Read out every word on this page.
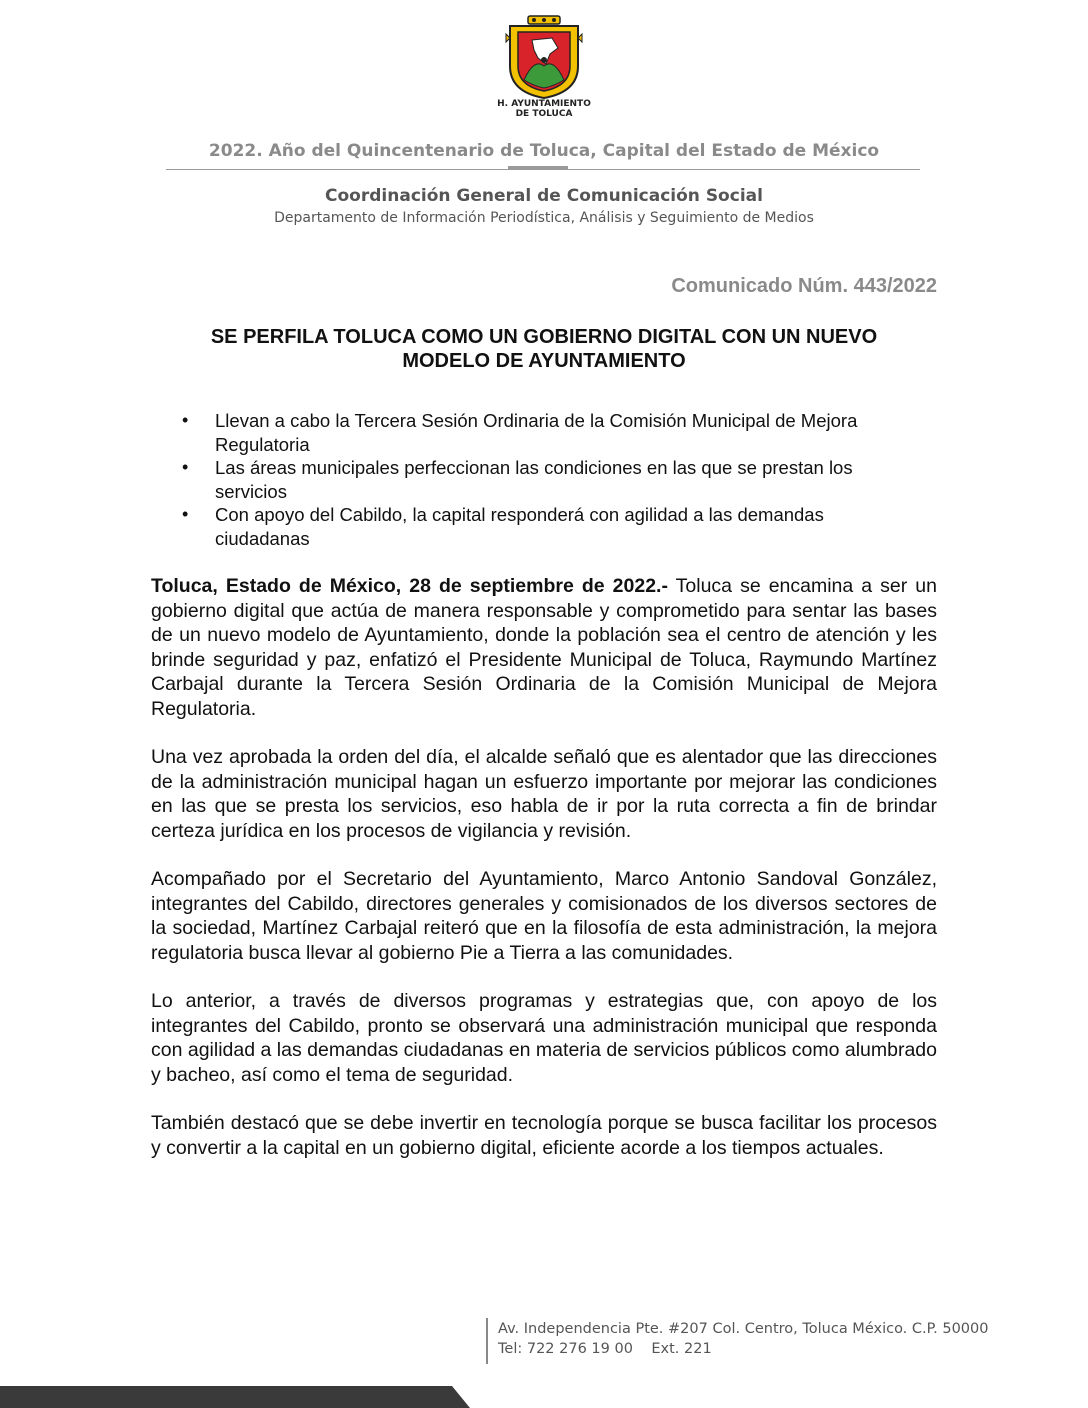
H. AYUNTAMIENTO
DE TOLUCA
2022. Año del Quincentenario de Toluca, Capital del Estado de México
Coordinación General de Comunicación Social
Departamento de Información Periodística, Análisis y Seguimiento de Medios
Comunicado Núm. 443/2022
SE PERFILA TOLUCA COMO UN GOBIERNO DIGITAL CON UN NUEVO
MODELO DE AYUNTAMIENTO
• Llevan a cabo la Tercera Sesión Ordinaria de la Comisión Municipal de Mejora Regulatoria
• Las áreas municipales perfeccionan las condiciones en las que se prestan los servicios
• Con apoyo del Cabildo, la capital responderá con agilidad a las demandas ciudadanas

Toluca, Estado de México, 28 de septiembre de 2022.- Toluca se encamina a ser un gobierno digital que actúa de manera responsable y comprometido para sentar las bases de un nuevo modelo de Ayuntamiento, donde la población sea el centro de atención y les brinde seguridad y paz, enfatizó el Presidente Municipal de Toluca, Raymundo Martínez Carbajal durante la Tercera Sesión Ordinaria de la Comisión Municipal de Mejora Regulatoria.

Una vez aprobada la orden del día, el alcalde señaló que es alentador que las direcciones de la administración municipal hagan un esfuerzo importante por mejorar las condiciones en las que se presta los servicios, eso habla de ir por la ruta correcta a fin de brindar certeza jurídica en los procesos de vigilancia y revisión.

Acompañado por el Secretario del Ayuntamiento, Marco Antonio Sandoval González, integrantes del Cabildo, directores generales y comisionados de los diversos sectores de la sociedad, Martínez Carbajal reiteró que en la filosofía de esta administración, la mejora regulatoria busca llevar al gobierno Pie a Tierra a las comunidades.

Lo anterior, a través de diversos programas y estrategias que, con apoyo de los integrantes del Cabildo, pronto se observará una administración municipal que responda con agilidad a las demandas ciudadanas en materia de servicios públicos como alumbrado y bacheo, así como el tema de seguridad.

También destacó que se debe invertir en tecnología porque se busca facilitar los procesos y convertir a la capital en un gobierno digital, eficiente acorde a los tiempos actuales.

Av. Independencia Pte. #207 Col. Centro, Toluca México. C.P. 50000
Tel: 722 276 19 00    Ext. 221
